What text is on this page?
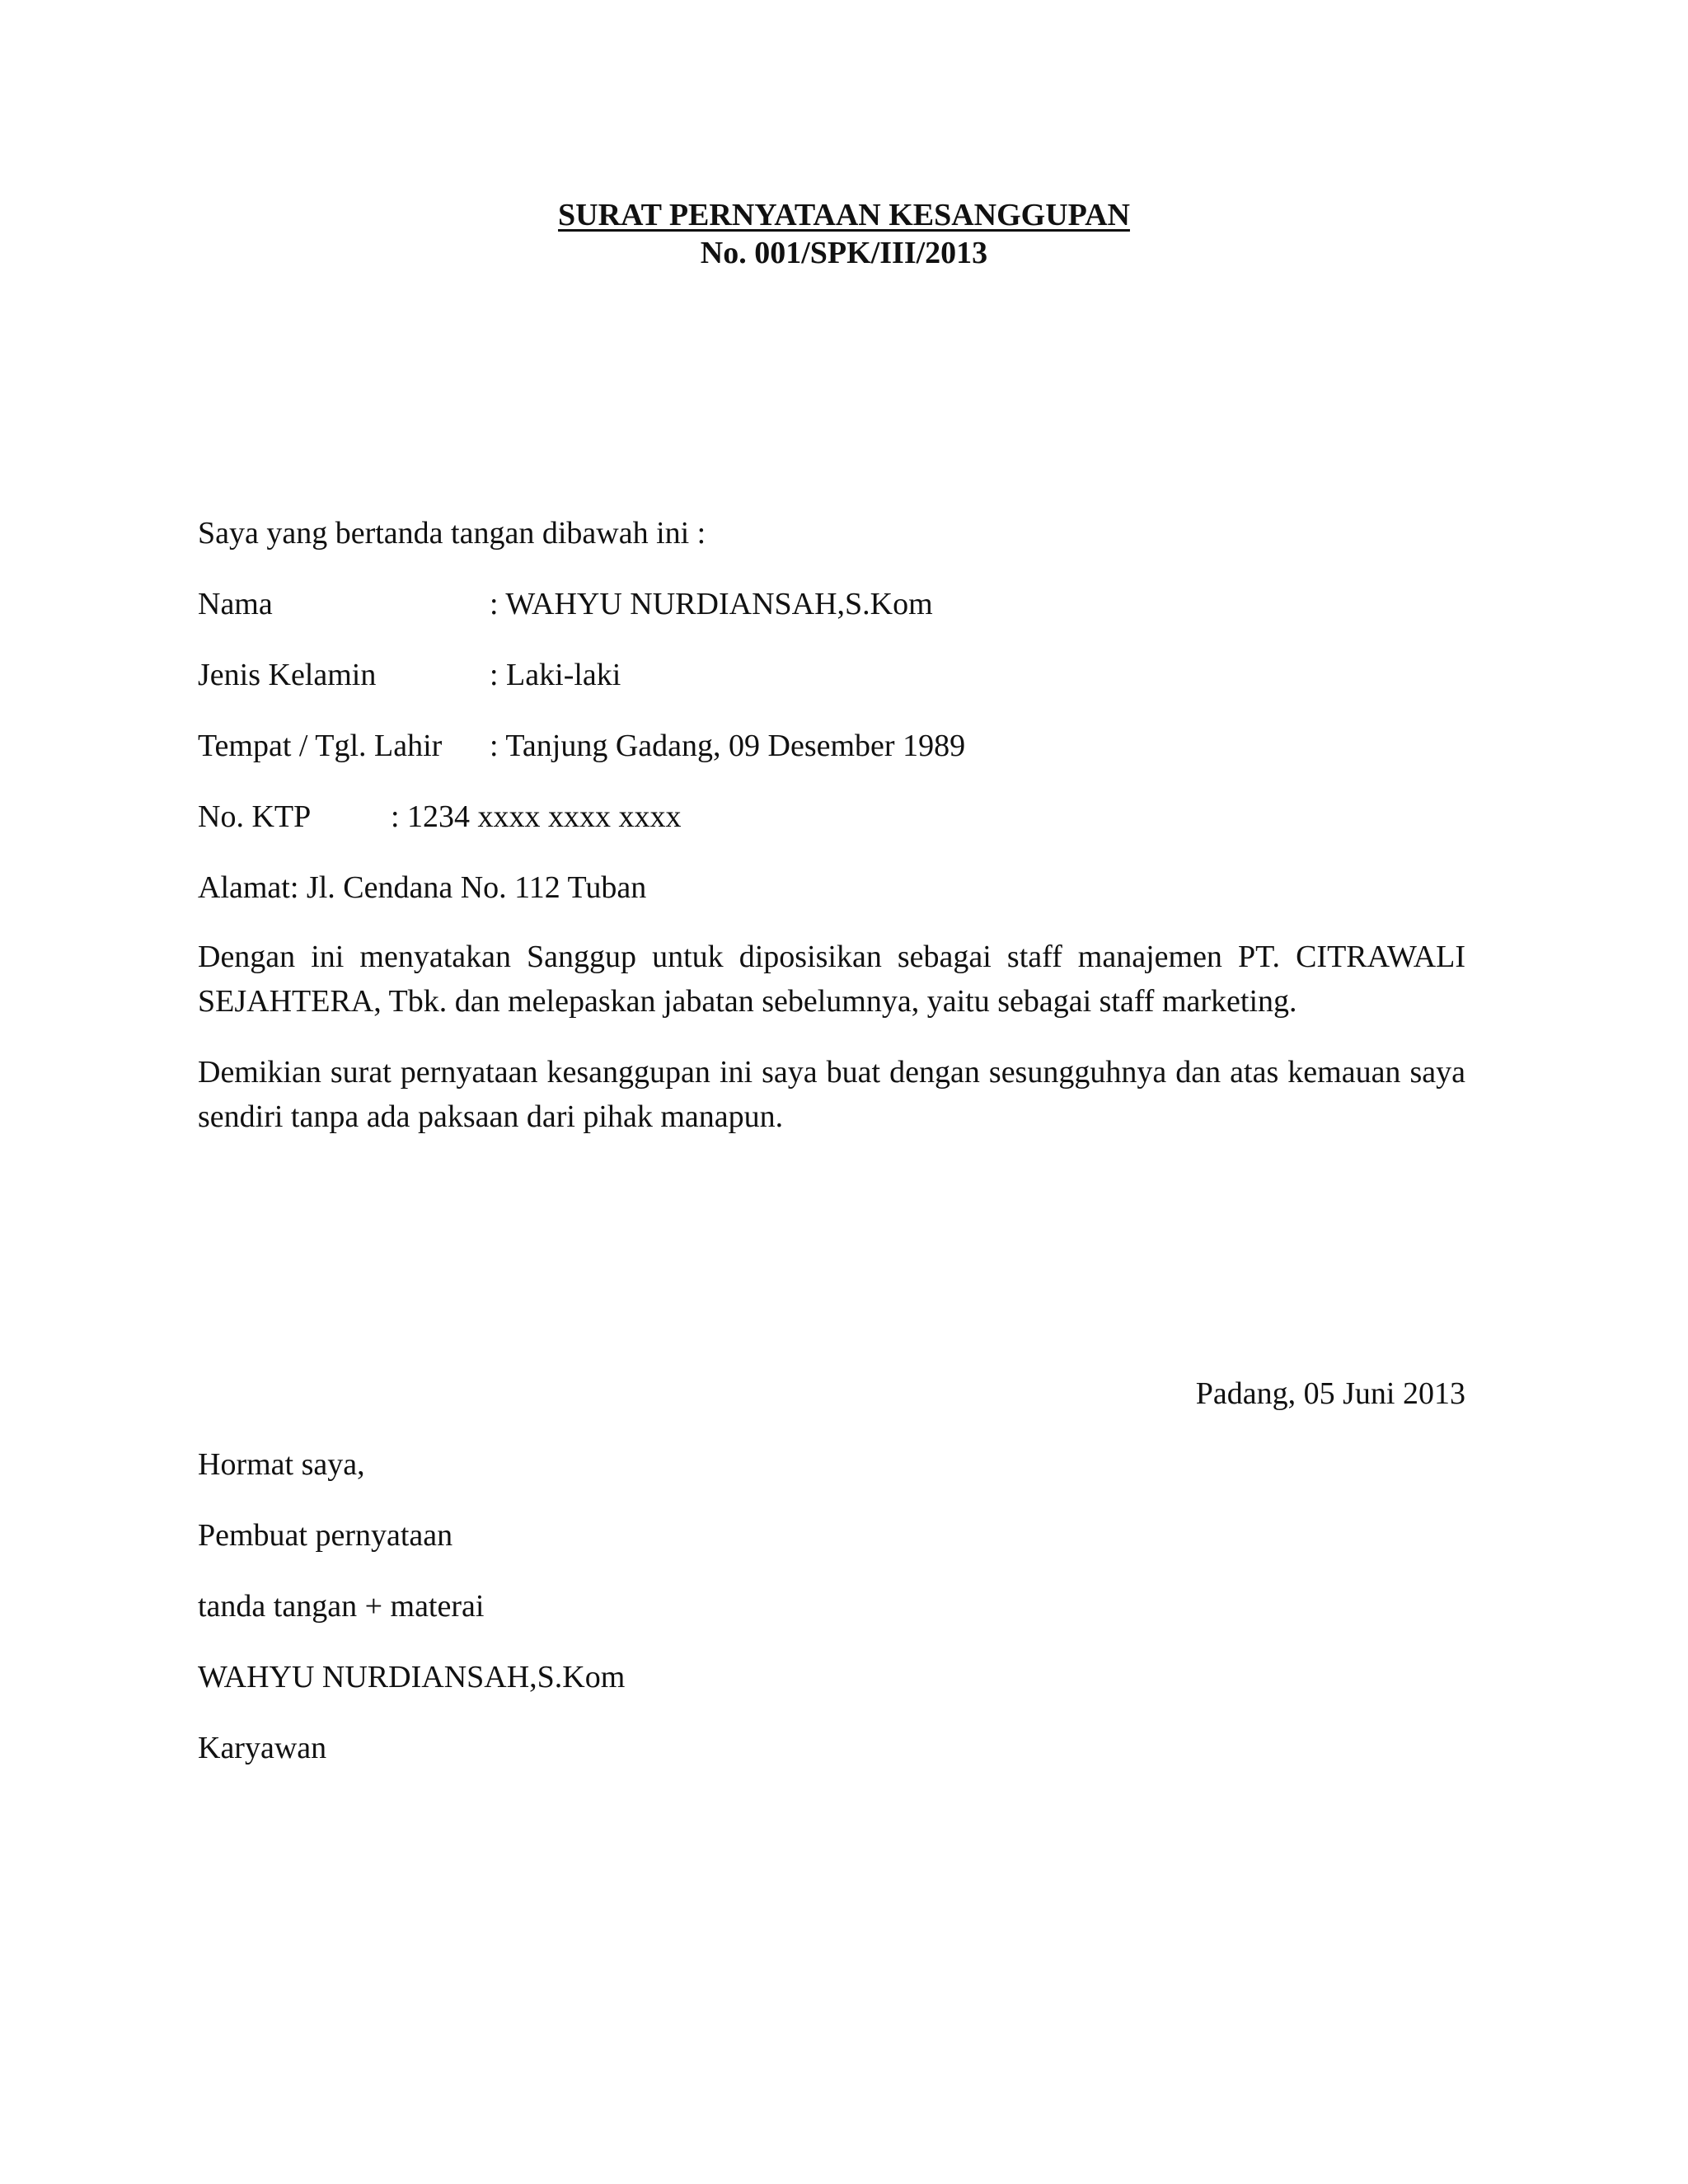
SURAT PERNYATAAN KESANGGUPAN
No. 001/SPK/III/2013
Saya yang bertanda tangan dibawah ini :
Nama	: WAHYU NURDIANSAH,S.Kom
Jenis Kelamin	: Laki-laki
Tempat / Tgl. Lahir : Tanjung Gadang, 09 Desember 1989
No. KTP	: 1234 xxxx xxxx xxxx
Alamat: Jl. Cendana No. 112 Tuban
Dengan ini menyatakan Sanggup untuk diposisikan sebagai staff manajemen PT. CITRAWALI SEJAHTERA, Tbk. dan melepaskan jabatan sebelumnya, yaitu sebagai staff marketing.
Demikian surat pernyataan kesanggupan ini saya buat dengan sesungguhnya dan atas kemauan saya sendiri tanpa ada paksaan dari pihak manapun.
Padang, 05 Juni 2013
Hormat saya,
Pembuat pernyataan
tanda tangan + materai
WAHYU NURDIANSAH,S.Kom
Karyawan
